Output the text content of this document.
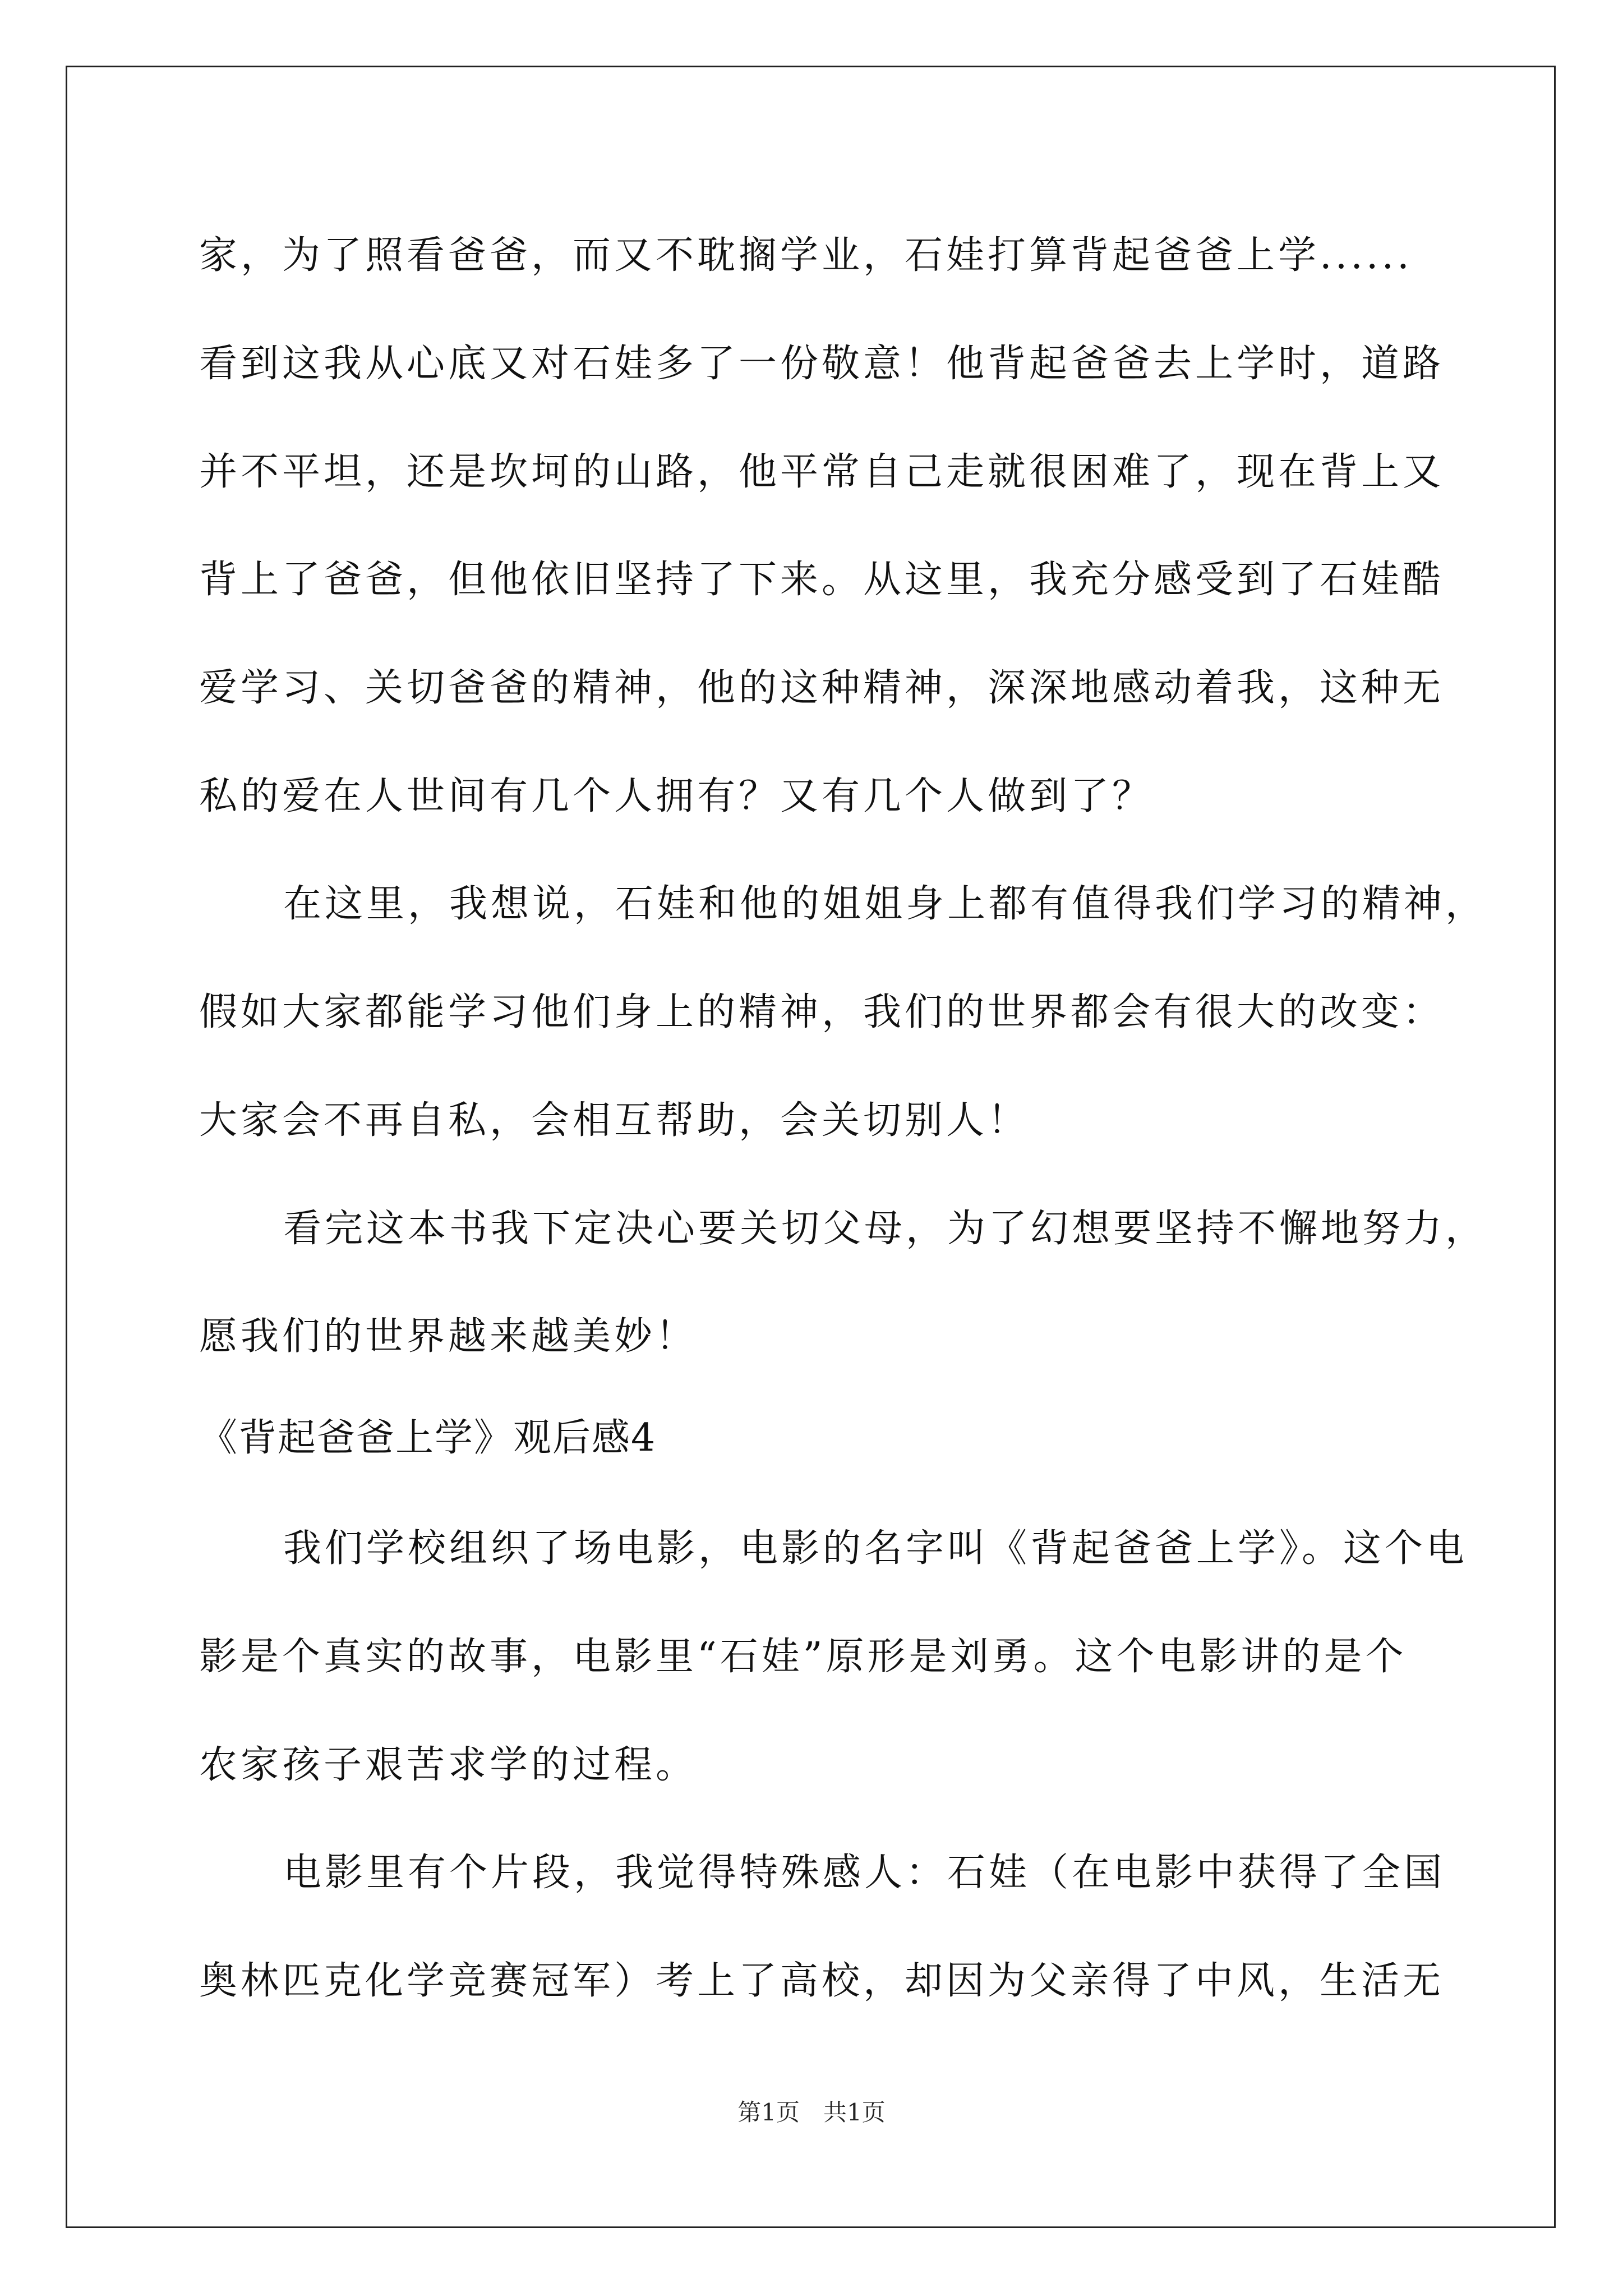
家，为了照看爸爸，而又不耽搁学业，石娃打算背起爸爸上学......

看到这我从心底又对石娃多了一份敬意！他背起爸爸去上学时，道路

并不平坦，还是坎坷的山路，他平常自己走就很困难了，现在背上又

背上了爸爸，但他依旧坚持了下来。从这里，我充分感受到了石娃酷

爱学习、关切爸爸的精神，他的这种精神，深深地感动着我，这种无

私的爱在人世间有几个人拥有？又有几个人做到了？

在这里，我想说，石娃和他的姐姐身上都有值得我们学习的精神，

假如大家都能学习他们身上的精神，我们的世界都会有很大的改变：

大家会不再自私，会相互帮助，会关切别人！

看完这本书我下定决心要关切父母，为了幻想要坚持不懈地努力，

愿我们的世界越来越美妙！

《背起爸爸上学》观后感4

我们学校组织了场电影，电影的名字叫《背起爸爸上学》。这个电

影是个真实的故事，电影里“石娃”原形是刘勇。这个电影讲的是个

农家孩子艰苦求学的过程。

电影里有个片段，我觉得特殊感人：石娃（在电影中获得了全国

奥林匹克化学竞赛冠军）考上了高校，却因为父亲得了中风，生活无

第1页　共1页
